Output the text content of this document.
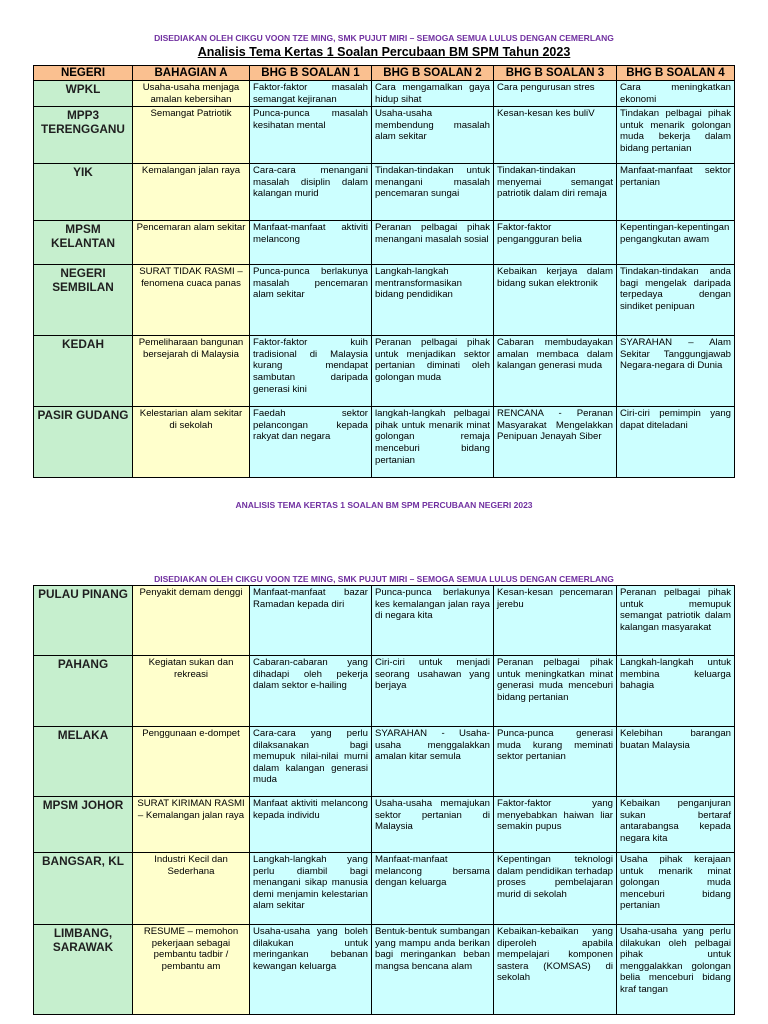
DISEDIAKAN OLEH CIKGU VOON TZE MING, SMK PUJUT MIRI – SEMOGA SEMUA LULUS DENGAN CEMERLANG
Analisis Tema Kertas 1 Soalan Percubaan BM SPM Tahun 2023
NEGERI	BAHAGIAN A	BHG B SOALAN 1	BHG B SOALAN 2	BHG B SOALAN 3	BHG B SOALAN 4
WPKL	Usaha-usaha menjaga amalan kebersihan	Faktor-faktor masalah semangat kejiranan	Cara mengamalkan gaya hidup sihat	Cara pengurusan stres	Cara meningkatkan ekonomi
MPP3 TERENGGANU	Semangat Patriotik	Punca-punca masalah kesihatan mental	Usaha-usaha membendung masalah alam sekitar	Kesan-kesan kes buliV	Tindakan pelbagai pihak untuk menarik golongan muda bekerja dalam bidang pertanian
YIK	Kemalangan jalan raya	Cara-cara menangani masalah disiplin dalam kalangan murid	Tindakan-tindakan untuk menangani masalah pencemaran sungai	Tindakan-tindakan menyemai semangat patriotik dalam diri remaja	Manfaat-manfaat sektor pertanian
MPSM KELANTAN	Pencemaran alam sekitar	Manfaat-manfaat aktiviti melancong	Peranan pelbagai pihak menangani masalah sosial	Faktor-faktor pengangguran belia	Kepentingan-kepentingan pengangkutan awam
NEGERI SEMBILAN	SURAT TIDAK RASMI – fenomena cuaca panas	Punca-punca berlakunya masalah pencemaran alam sekitar	Langkah-langkah mentransformasikan bidang pendidikan	Kebaikan kerjaya dalam bidang sukan elektronik	Tindakan-tindakan anda bagi mengelak daripada terpedaya dengan sindiket penipuan
KEDAH	Pemeliharaan bangunan bersejarah di Malaysia	Faktor-faktor kuih tradisional di Malaysia kurang mendapat sambutan daripada generasi kini	Peranan pelbagai pihak untuk menjadikan sektor pertanian diminati oleh golongan muda	Cabaran membudayakan amalan membaca dalam kalangan generasi muda	SYARAHAN – Alam Sekitar Tanggungjawab Negara-negara di Dunia
PASIR GUDANG	Kelestarian alam sekitar di sekolah	Faedah sektor pelancongan kepada rakyat dan negara	langkah-langkah pelbagai pihak untuk menarik minat golongan remaja menceburi bidang pertanian	RENCANA - Peranan Masyarakat Mengelakkan Penipuan Jenayah Siber	Ciri-ciri pemimpin yang dapat diteladani
ANALISIS TEMA KERTAS 1 SOALAN BM SPM PERCUBAAN NEGERI 2023
DISEDIAKAN OLEH CIKGU VOON TZE MING, SMK PUJUT MIRI – SEMOGA SEMUA LULUS DENGAN CEMERLANG
PULAU PINANG	Penyakit demam denggi	Manfaat-manfaat bazar Ramadan kepada diri	Punca-punca berlakunya kes kemalangan jalan raya di negara kita	Kesan-kesan pencemaran jerebu	Peranan pelbagai pihak untuk memupuk semangat patriotik dalam kalangan masyarakat
PAHANG	Kegiatan sukan dan rekreasi	Cabaran-cabaran yang dihadapi oleh pekerja dalam sektor e-hailing	Ciri-ciri untuk menjadi seorang usahawan yang berjaya	Peranan pelbagai pihak untuk meningkatkan minat generasi muda menceburi bidang pertanian	Langkah-langkah untuk membina keluarga bahagia
MELAKA	Penggunaan e-dompet	Cara-cara yang perlu dilaksanakan bagi memupuk nilai-nilai murni dalam kalangan generasi muda	SYARAHAN - Usaha-usaha menggalakkan amalan kitar semula	Punca-punca generasi muda kurang meminati sektor pertanian	Kelebihan barangan buatan Malaysia
MPSM JOHOR	SURAT KIRIMAN RASMI – Kemalangan jalan raya	Manfaat aktiviti melancong kepada individu	Usaha-usaha memajukan sektor pertanian di Malaysia	Faktor-faktor yang menyebabkan haiwan liar semakin pupus	Kebaikan penganjuran sukan bertaraf antarabangsa kepada negara kita
BANGSAR, KL	Industri Kecil dan Sederhana	Langkah-langkah yang perlu diambil bagi menangani sikap manusia demi menjamin kelestarian alam sekitar	Manfaat-manfaat melancong bersama dengan keluarga	Kepentingan teknologi dalam pendidikan terhadap proses pembelajaran murid di sekolah	Usaha pihak kerajaan untuk menarik minat golongan muda menceburi bidang pertanian
LIMBANG, SARAWAK	RESUME – memohon pekerjaan sebagai pembantu tadbir / pembantu am	Usaha-usaha yang boleh dilakukan untuk meringankan bebanan kewangan keluarga	Bentuk-bentuk sumbangan yang mampu anda berikan bagi meringankan beban mangsa bencana alam	Kebaikan-kebaikan yang diperoleh apabila mempelajari komponen sastera (KOMSAS) di sekolah	Usaha-usaha yang perlu dilakukan oleh pelbagai pihak untuk menggalakkan golongan belia menceburi bidang kraf tangan
